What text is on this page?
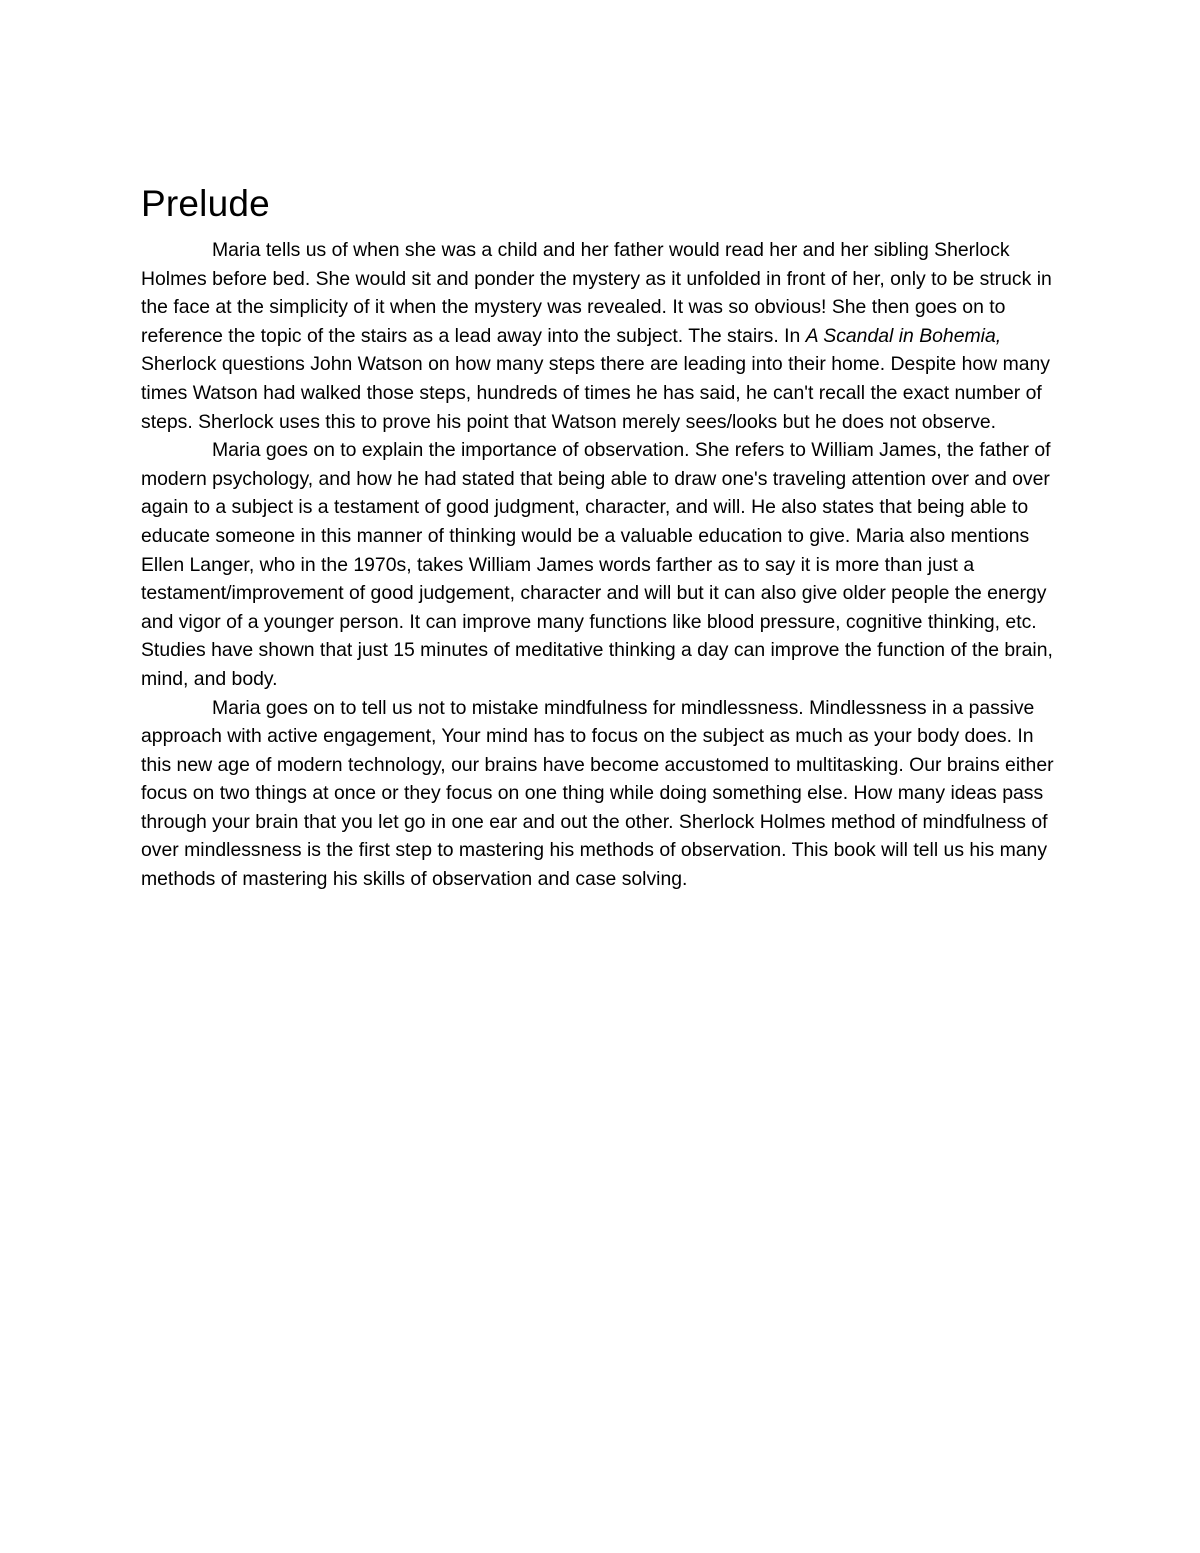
Prelude

Maria tells us of when she was a child and her father would read her and her sibling Sherlock Holmes before bed. She would sit and ponder the mystery as it unfolded in front of her, only to be struck in the face at the simplicity of it when the mystery was revealed. It was so obvious! She then goes on to reference the topic of the stairs as a lead away into the subject. The stairs. In A Scandal in Bohemia, Sherlock questions John Watson on how many steps there are leading into their home. Despite how many times Watson had walked those steps, hundreds of times he has said, he can't recall the exact number of steps. Sherlock uses this to prove his point that Watson merely sees/looks but he does not observe.

Maria goes on to explain the importance of observation. She refers to William James, the father of modern psychology, and how he had stated that being able to draw one's traveling attention over and over again to a subject is a testament of good judgment, character, and will. He also states that being able to educate someone in this manner of thinking would be a valuable education to give. Maria also mentions Ellen Langer, who in the 1970s, takes William James words farther as to say it is more than just a testament/improvement of good judgement, character and will but it can also give older people the energy and vigor of a younger person. It can improve many functions like blood pressure, cognitive thinking, etc. Studies have shown that just 15 minutes of meditative thinking a day can improve the function of the brain, mind, and body.

Maria goes on to tell us not to mistake mindfulness for mindlessness. Mindlessness in a passive approach with active engagement, Your mind has to focus on the subject as much as your body does. In this new age of modern technology, our brains have become accustomed to multitasking. Our brains either focus on two things at once or they focus on one thing while doing something else. How many ideas pass through your brain that you let go in one ear and out the other. Sherlock Holmes method of mindfulness of over mindlessness is the first step to mastering his methods of observation. This book will tell us his many methods of mastering his skills of observation and case solving.
